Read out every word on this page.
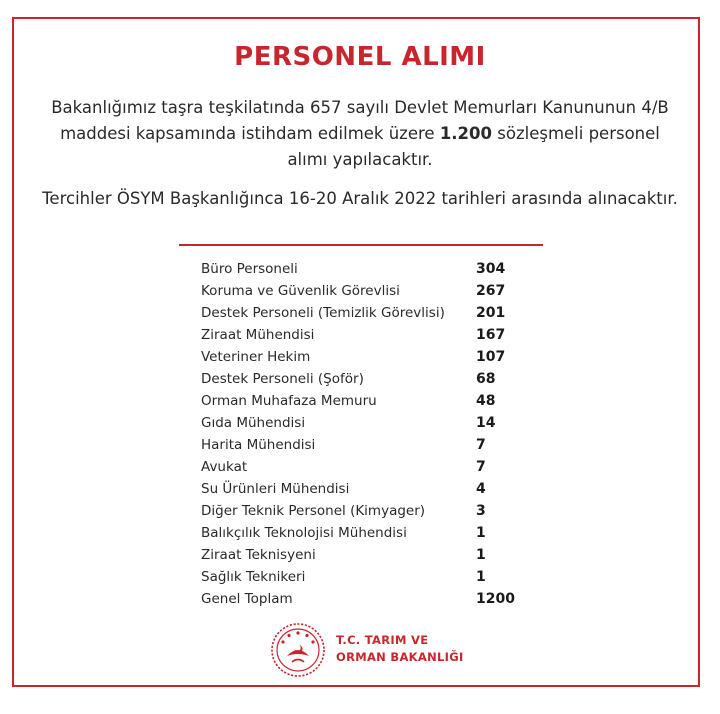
PERSONEL ALIMI
Bakanlığımız taşra teşkilatında 657 sayılı Devlet Memurları Kanununun 4/B maddesi kapsamında istihdam edilmek üzere 1.200 sözleşmeli personel alımı yapılacaktır.
Tercihler ÖSYM Başkanlığınca 16-20 Aralık 2022 tarihleri arasında alınacaktır.
Büro Personeli	304
Koruma ve Güvenlik Görevlisi	267
Destek Personeli (Temizlik Görevlisi)	201
Ziraat Mühendisi	167
Veteriner Hekim	107
Destek Personeli (Şoför)	68
Orman Muhafaza Memuru	48
Gıda Mühendisi	14
Harita Mühendisi	7
Avukat	7
Su Ürünleri Mühendisi	4
Diğer Teknik Personel (Kimyager)	3
Balıkçılık Teknolojisi Mühendisi	1
Ziraat Teknisyeni	1
Sağlık Teknikeri	1
Genel Toplam	1200
T.C. TARIM VE
ORMAN BAKANLIĞI
